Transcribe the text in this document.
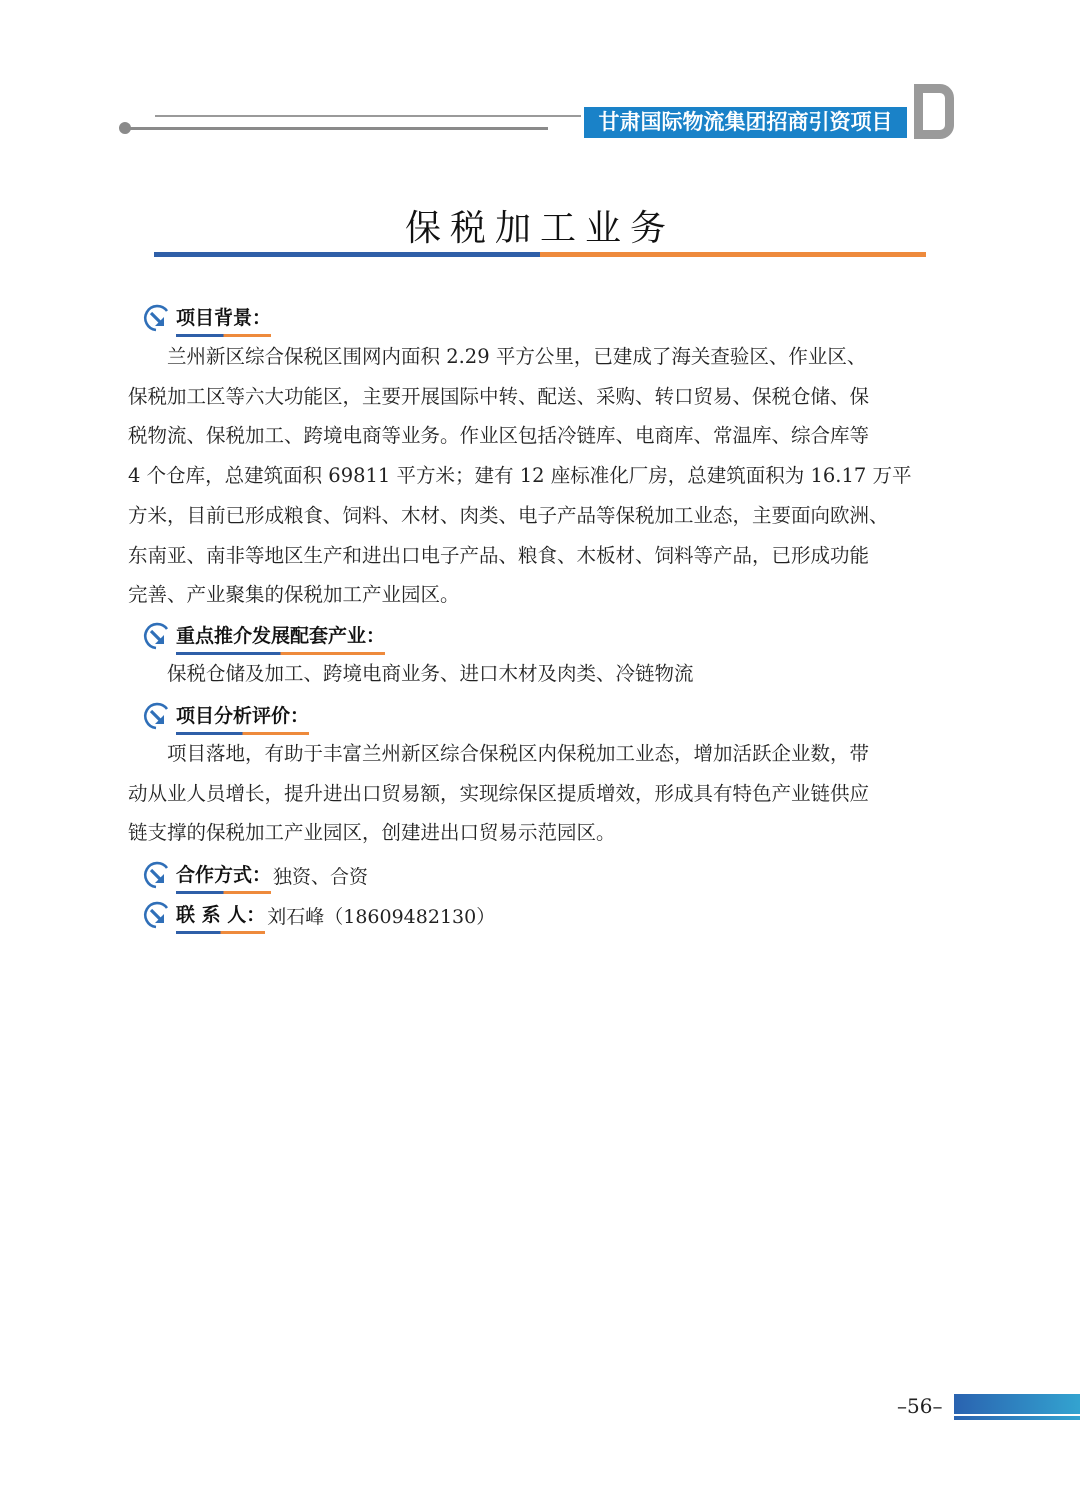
甘肃国际物流集团招商引资项目
保税加工业务
项目背景：
　　兰州新区综合保税区围网内面积 2.29 平方公里，已建成了海关查验区、作业区、
保税加工区等六大功能区，主要开展国际中转、配送、采购、转口贸易、保税仓储、保
税物流、保税加工、跨境电商等业务。作业区包括冷链库、电商库、常温库、综合库等
4 个仓库，总建筑面积 69811 平方米；建有 12 座标准化厂房，总建筑面积为 16.17 万平
方米，目前已形成粮食、饲料、木材、肉类、电子产品等保税加工业态，主要面向欧洲、
东南亚、南非等地区生产和进出口电子产品、粮食、木板材、饲料等产品，已形成功能
完善、产业聚集的保税加工产业园区。
重点推介发展配套产业：
　　保税仓储及加工、跨境电商业务、进口木材及肉类、冷链物流
项目分析评价：
　　项目落地，有助于丰富兰州新区综合保税区内保税加工业态，增加活跃企业数，带
动从业人员增长，提升进出口贸易额，实现综保区提质增效，形成具有特色产业链供应
链支撑的保税加工产业园区，创建进出口贸易示范园区。
合作方式： 独资、合资
联 系 人： 刘石峰（18609482130）
–56–
